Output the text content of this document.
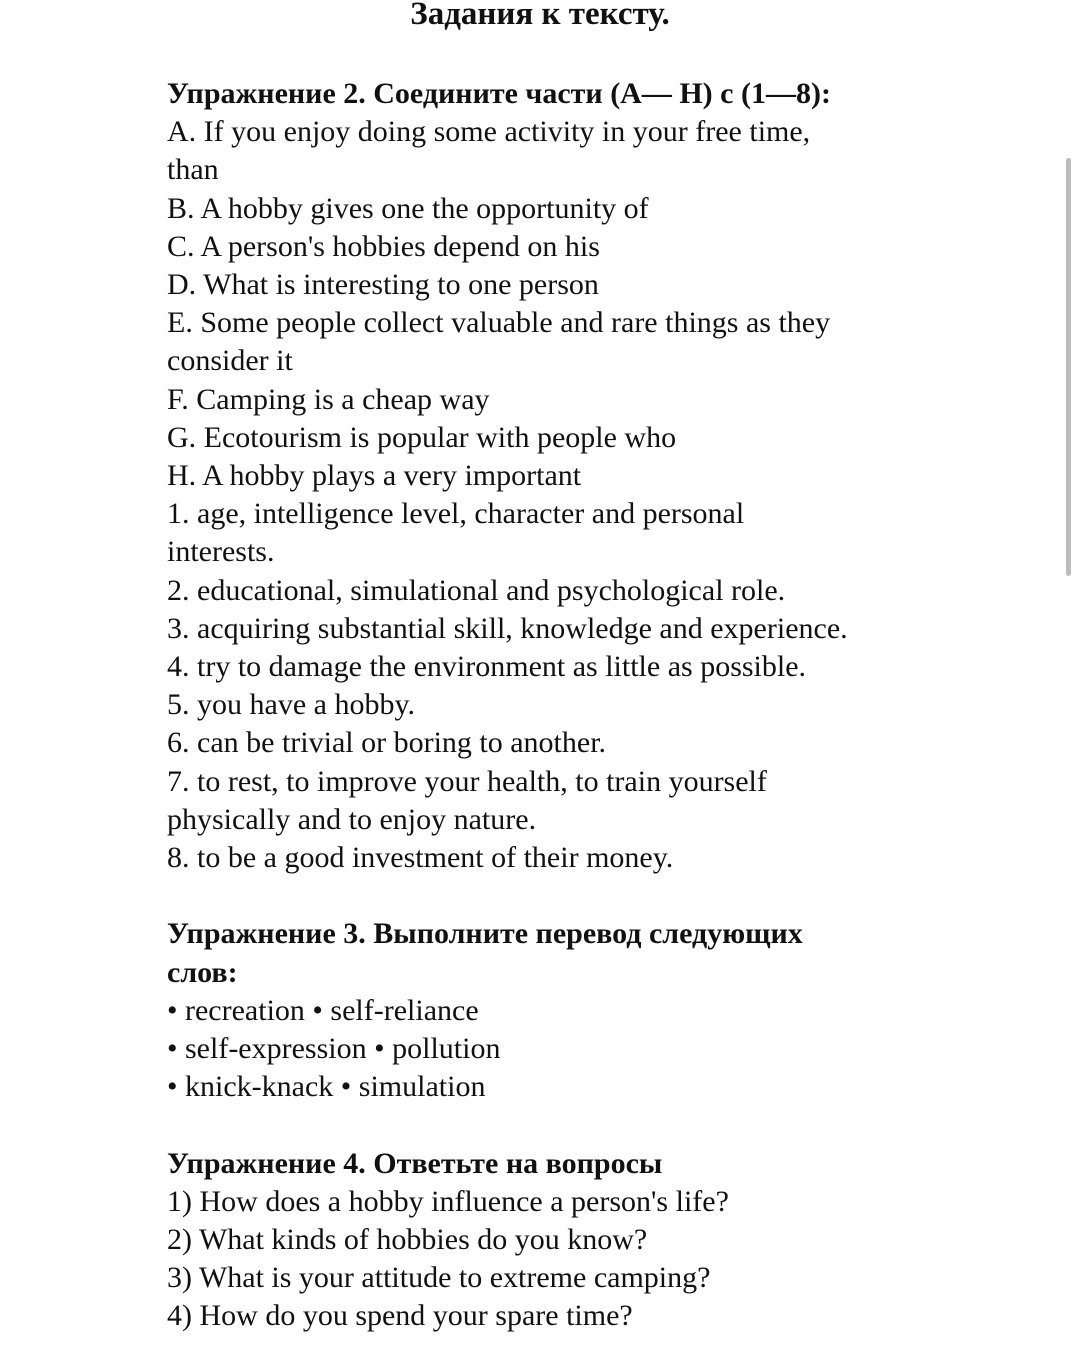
Задания к тексту.
Упражнение 2. Соедините части (А— Н) с (1—8):
A. If you enjoy doing some activity in your free time,
than
B. A hobby gives one the opportunity of
C. A person's hobbies depend on his
D. What is interesting to one person
E. Some people collect valuable and rare things as they
consider it
F. Camping is a cheap way
G. Ecotourism is popular with people who
H. A hobby plays a very important
1. age, intelligence level, character and personal
interests.
2. educational, simulational and psychological role.
3. acquiring substantial skill, knowledge and experience.
4. try to damage the environment as little as possible.
5. you have a hobby.
6. can be trivial or boring to another.
7. to rest, to improve your health, to train yourself
physically and to enjoy nature.
8. to be a good investment of their money.
Упражнение 3. Выполните перевод следующих
слов:
• recreation • self-reliance
• self-expression • pollution
• knick-knack • simulation
Упражнение 4. Ответьте на вопросы
1) How does a hobby influence a person's life?
2) What kinds of hobbies do you know?
3) What is your attitude to extreme camping?
4) How do you spend your spare time?
